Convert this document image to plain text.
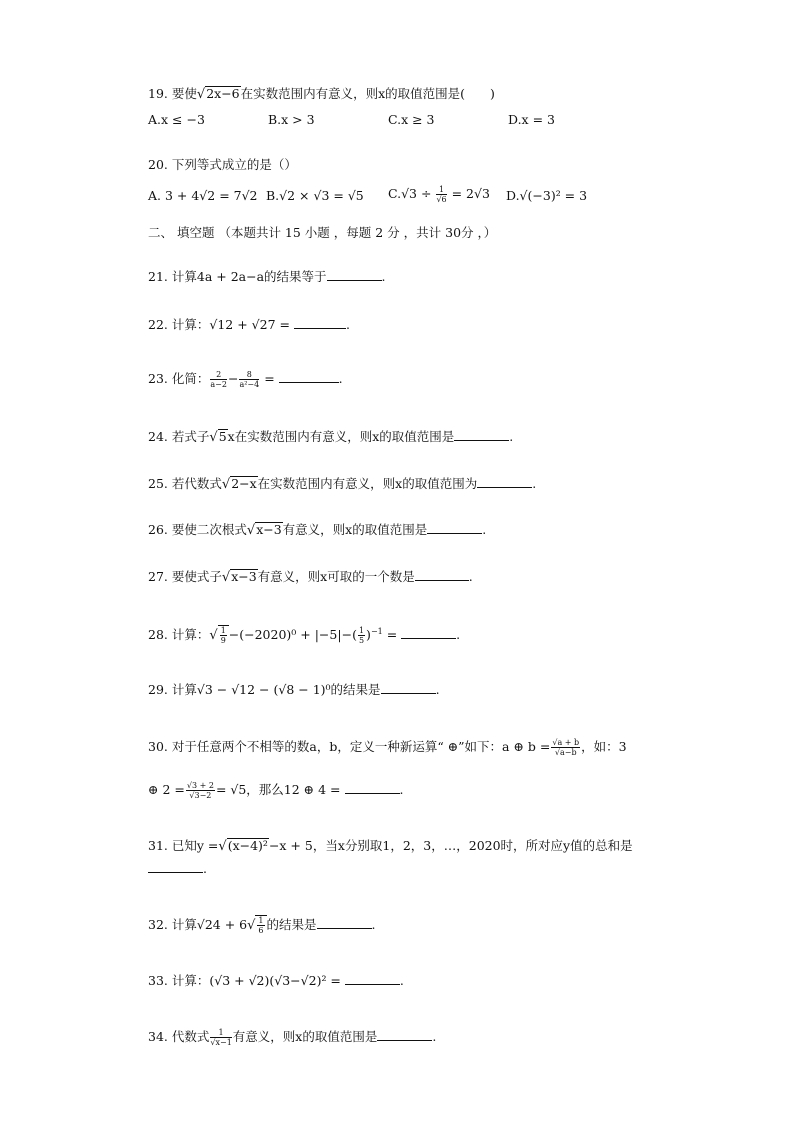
19. 要使√2x−6在实数范围内有意义，则x的取值范围是(　　)
A.x ≤ −3	B.x > 3	C.x ≥ 3	D.x = 3
20. 下列等式成立的是（）
A. 3 + 4√2 = 7√2 B.√2 × √3 = √5 $C.√3 \div \frac{1}{√6} = 2√3$ D.√(−3)² = 3
二、 填空题 （本题共计 15 小题 ，每题 2 分 ，共计 30分 ，）
21. 计算4a + 2a−a的结果等于	.
22. 计算：√12 + √27 =	.
23. 化简： $\frac{2}{a-2} - \frac{8}{\text{a²−4}}$ =	.
24. 若式子√5x在实数范围内有意义，则x的取值范围是	.
25. 若代数式√2−x在实数范围内有意义，则x的取值范围为	.
26. 要使二次根式√x−3有意义，则x的取值范围是	.
27. 要使式子√x−3有意义，则x可取的一个数是	.
28. 计算：√ $\frac{1}{9} -(-2020)^0 + |-5|-( \frac{1}{5} )^{-1}$ =	.
29. 计算√3 − √12 − (√8 − 1)⁰的结果是	.
30. 对于任意两个不相等的数a，b，定义一种新运算“ ⊕”如下：a ⊕ $b = \frac{√a + b}{√a-b}$ ，如：3
⊕ $2 = \frac{√3 + 2}{√3-2} = √5$，那么12 ⊕ 4 =	.
31. 已知y =√(x−4)²−x + 5，当x分别取1，2，3，…，2020时，所对应y值的总和是
.
32. 计算$√24 + 6√ \frac{1}{6}$ 的结果是	.
33. 计算：(√3 + √2)(√3−√2)² =	.
34. 代数式 $\frac{1}{√x-1}$ 有意义，则x的取值范围是	.
